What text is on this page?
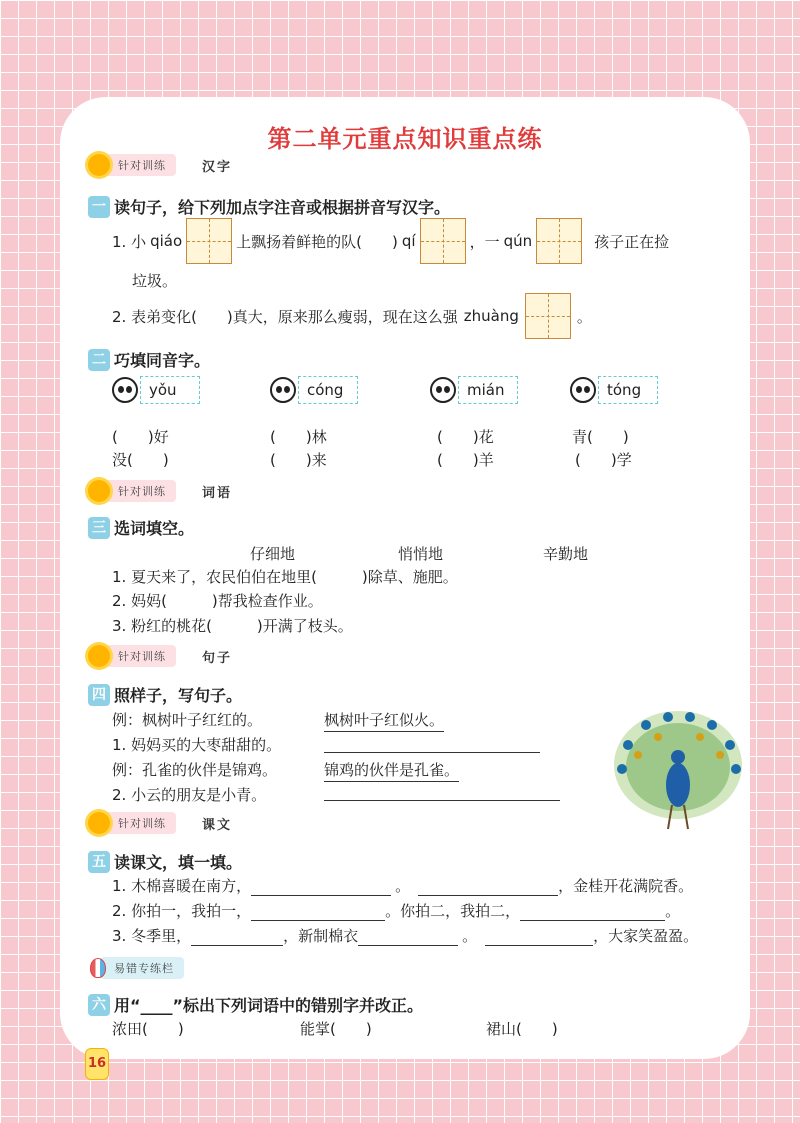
第二单元重点知识重点练
针对训练	汉字
一 读句子，给下列加点字注音或根据拼音写汉字。
1. 小 qiáo	上飘扬着鲜艳的队(　　) qí	，一 qún	孩子正在捡
垃圾。
2. 表弟变化(　　)真大，原来那么瘦弱，现在这么强 zhuàng	。
二 巧填同音字。
yǒu	cóng	mián	tóng
(　　)好	(　　)林	(　　)花	青(　　)
没(　　)	(　　)来	(　　)羊	(　　)学
针对训练	词语
三 选词填空。
仔细地	悄悄地	辛勤地
1. 夏天来了，农民伯伯在地里(　　　)除草、施肥。
2. 妈妈(　　　)帮我检查作业。
3. 粉红的桃花(　　　)开满了枝头。
针对训练	句子
四 照样子，写句子。
例：枫树叶子红红的。	枫树叶子红似火。
1. 妈妈买的大枣甜甜的。
例：孔雀的伙伴是锦鸡。	锦鸡的伙伴是孔雀。
2. 小云的朋友是小青。
针对训练	课文
五 读课文，填一填。
1. 木棉喜暖在南方，	。	，金桂开花满院香。
2. 你拍一，我拍一，	。你拍二，我拍二，	。
3. 冬季里，	，新制棉衣	。	，大家笑盈盈。
易错专练栏
六 用“____”标出下列词语中的错别字并改正。
浓田(　　)	能掌(　　)	裙山(　　)
16
